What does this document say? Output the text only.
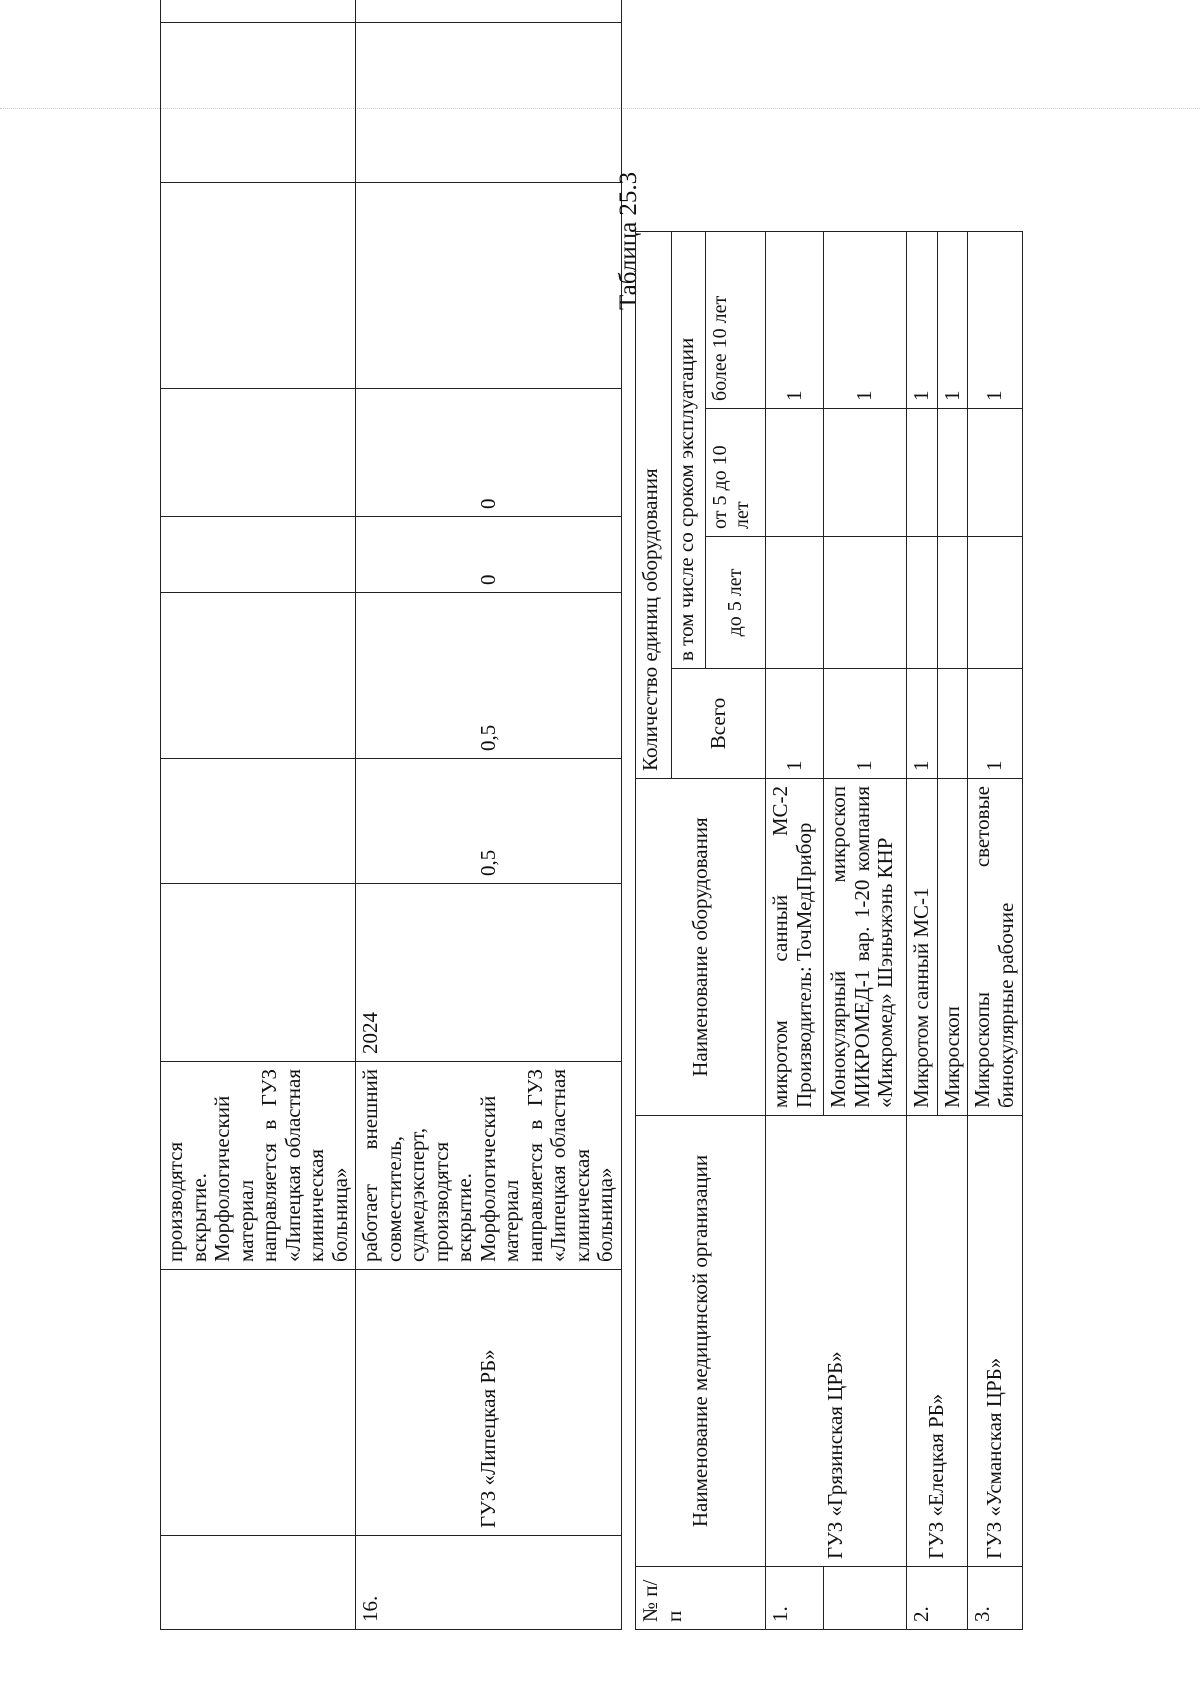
		производятся вскрытие. Морфологический материал направляется в ГУЗ «Липецкая областная клиническая больница»								
16.	ГУЗ «Липецкая РБ»	работает внешний совместитель, судмедэксперт, производятся вскрытие. Морфологический материал направляется в ГУЗ «Липецкая областная клиническая больница»	2024	0,5	0,5	0	0			
Таблица 25.3
№ п/п	Наименование медицинской организации	Наименование оборудования	Количество единиц оборудования			
			Всего	в том числе со сроком эксплуатации		
				до 5 лет	от 5 до 10 лет	более 10 лет
1.	ГУЗ «Грязинская ЦРБ»	микротом санный МС-2 Производитель: ТочМедПрибор	1			1
		Монокулярный микроскоп МИКРОМЕД-1 вар. 1-20 компания «Микромед» Шэньчжэнь КНР	1			1
2.	ГУЗ «Елецкая РБ»	Микротом санный МС-1	1			1
		Микроскоп				1
3.	ГУЗ «Усманская ЦРБ»	Микроскопы световые бинокулярные рабочие	1			1
